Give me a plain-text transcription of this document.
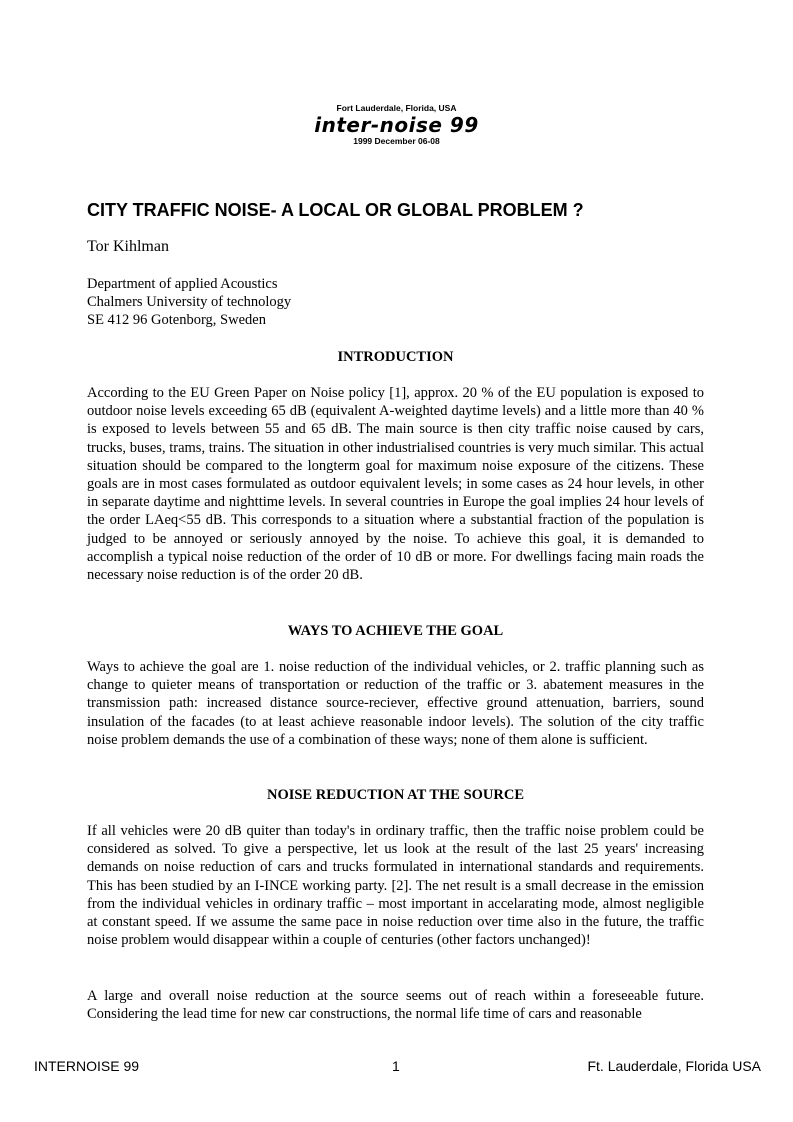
Fort Lauderdale, Florida, USA
inter-noise 99
1999 December 06-08
CITY TRAFFIC NOISE- A LOCAL OR GLOBAL PROBLEM ?
Tor Kihlman
Department of applied Acoustics
Chalmers University of technology
SE 412 96 Gotenborg, Sweden
INTRODUCTION

According to the EU Green Paper on Noise policy [1], approx. 20 % of the EU population is exposed to outdoor noise levels exceeding 65 dB (equivalent A-weighted daytime levels) and a little more than 40 % is exposed to levels between 55 and 65 dB. The main source is then city traffic noise caused by cars, trucks, buses, trams, trains. The situation in other industrialised countries is very much similar. This actual situation should be compared to the longterm goal for maximum noise exposure of the citizens. These goals are in most cases formulated as outdoor equivalent levels; in some cases as 24 hour levels, in other in separate daytime and nighttime levels. In several countries in Europe the goal implies 24 hour levels of the order LAeq<55 dB. This corresponds to a situation where a substantial fraction of the population is judged to be annoyed or seriously annoyed by the noise. To achieve this goal, it is demanded to accomplish a typical noise reduction of the order of 10 dB or more. For dwellings facing main roads the necessary noise reduction is of the order 20 dB.

WAYS TO ACHIEVE THE GOAL

Ways to achieve the goal are 1. noise reduction of the individual vehicles, or 2. traffic planning such as change to quieter means of transportation or reduction of the traffic or 3. abatement measures in the transmission path: increased distance source-reciever, effective ground attenuation, barriers, sound insulation of the facades (to at least achieve reasonable indoor levels). The solution of the city traffic noise problem demands the use of a combination of these ways; none of them alone is sufficient.

NOISE REDUCTION AT THE SOURCE

If all vehicles were 20 dB quiter than today's in ordinary traffic, then the traffic noise problem could be considered as solved. To give a perspective, let us look at the result of the last 25 years' increasing demands on noise reduction of cars and trucks formulated in international standards and requirements. This has been studied by an I-INCE working party. [2]. The net result is a small decrease in the emission from the individual vehicles in ordinary traffic – most important in accelarating mode, almost negligible at constant speed. If we assume the same pace in noise reduction over time also in the future, the traffic noise problem would disappear within a couple of centuries (other factors unchanged)!

A large and overall noise reduction at the source seems out of reach within a foreseeable future. Considering the lead time for new car constructions, the normal life time of cars and reasonable

INTERNOISE 99	1	Ft. Lauderdale, Florida USA
